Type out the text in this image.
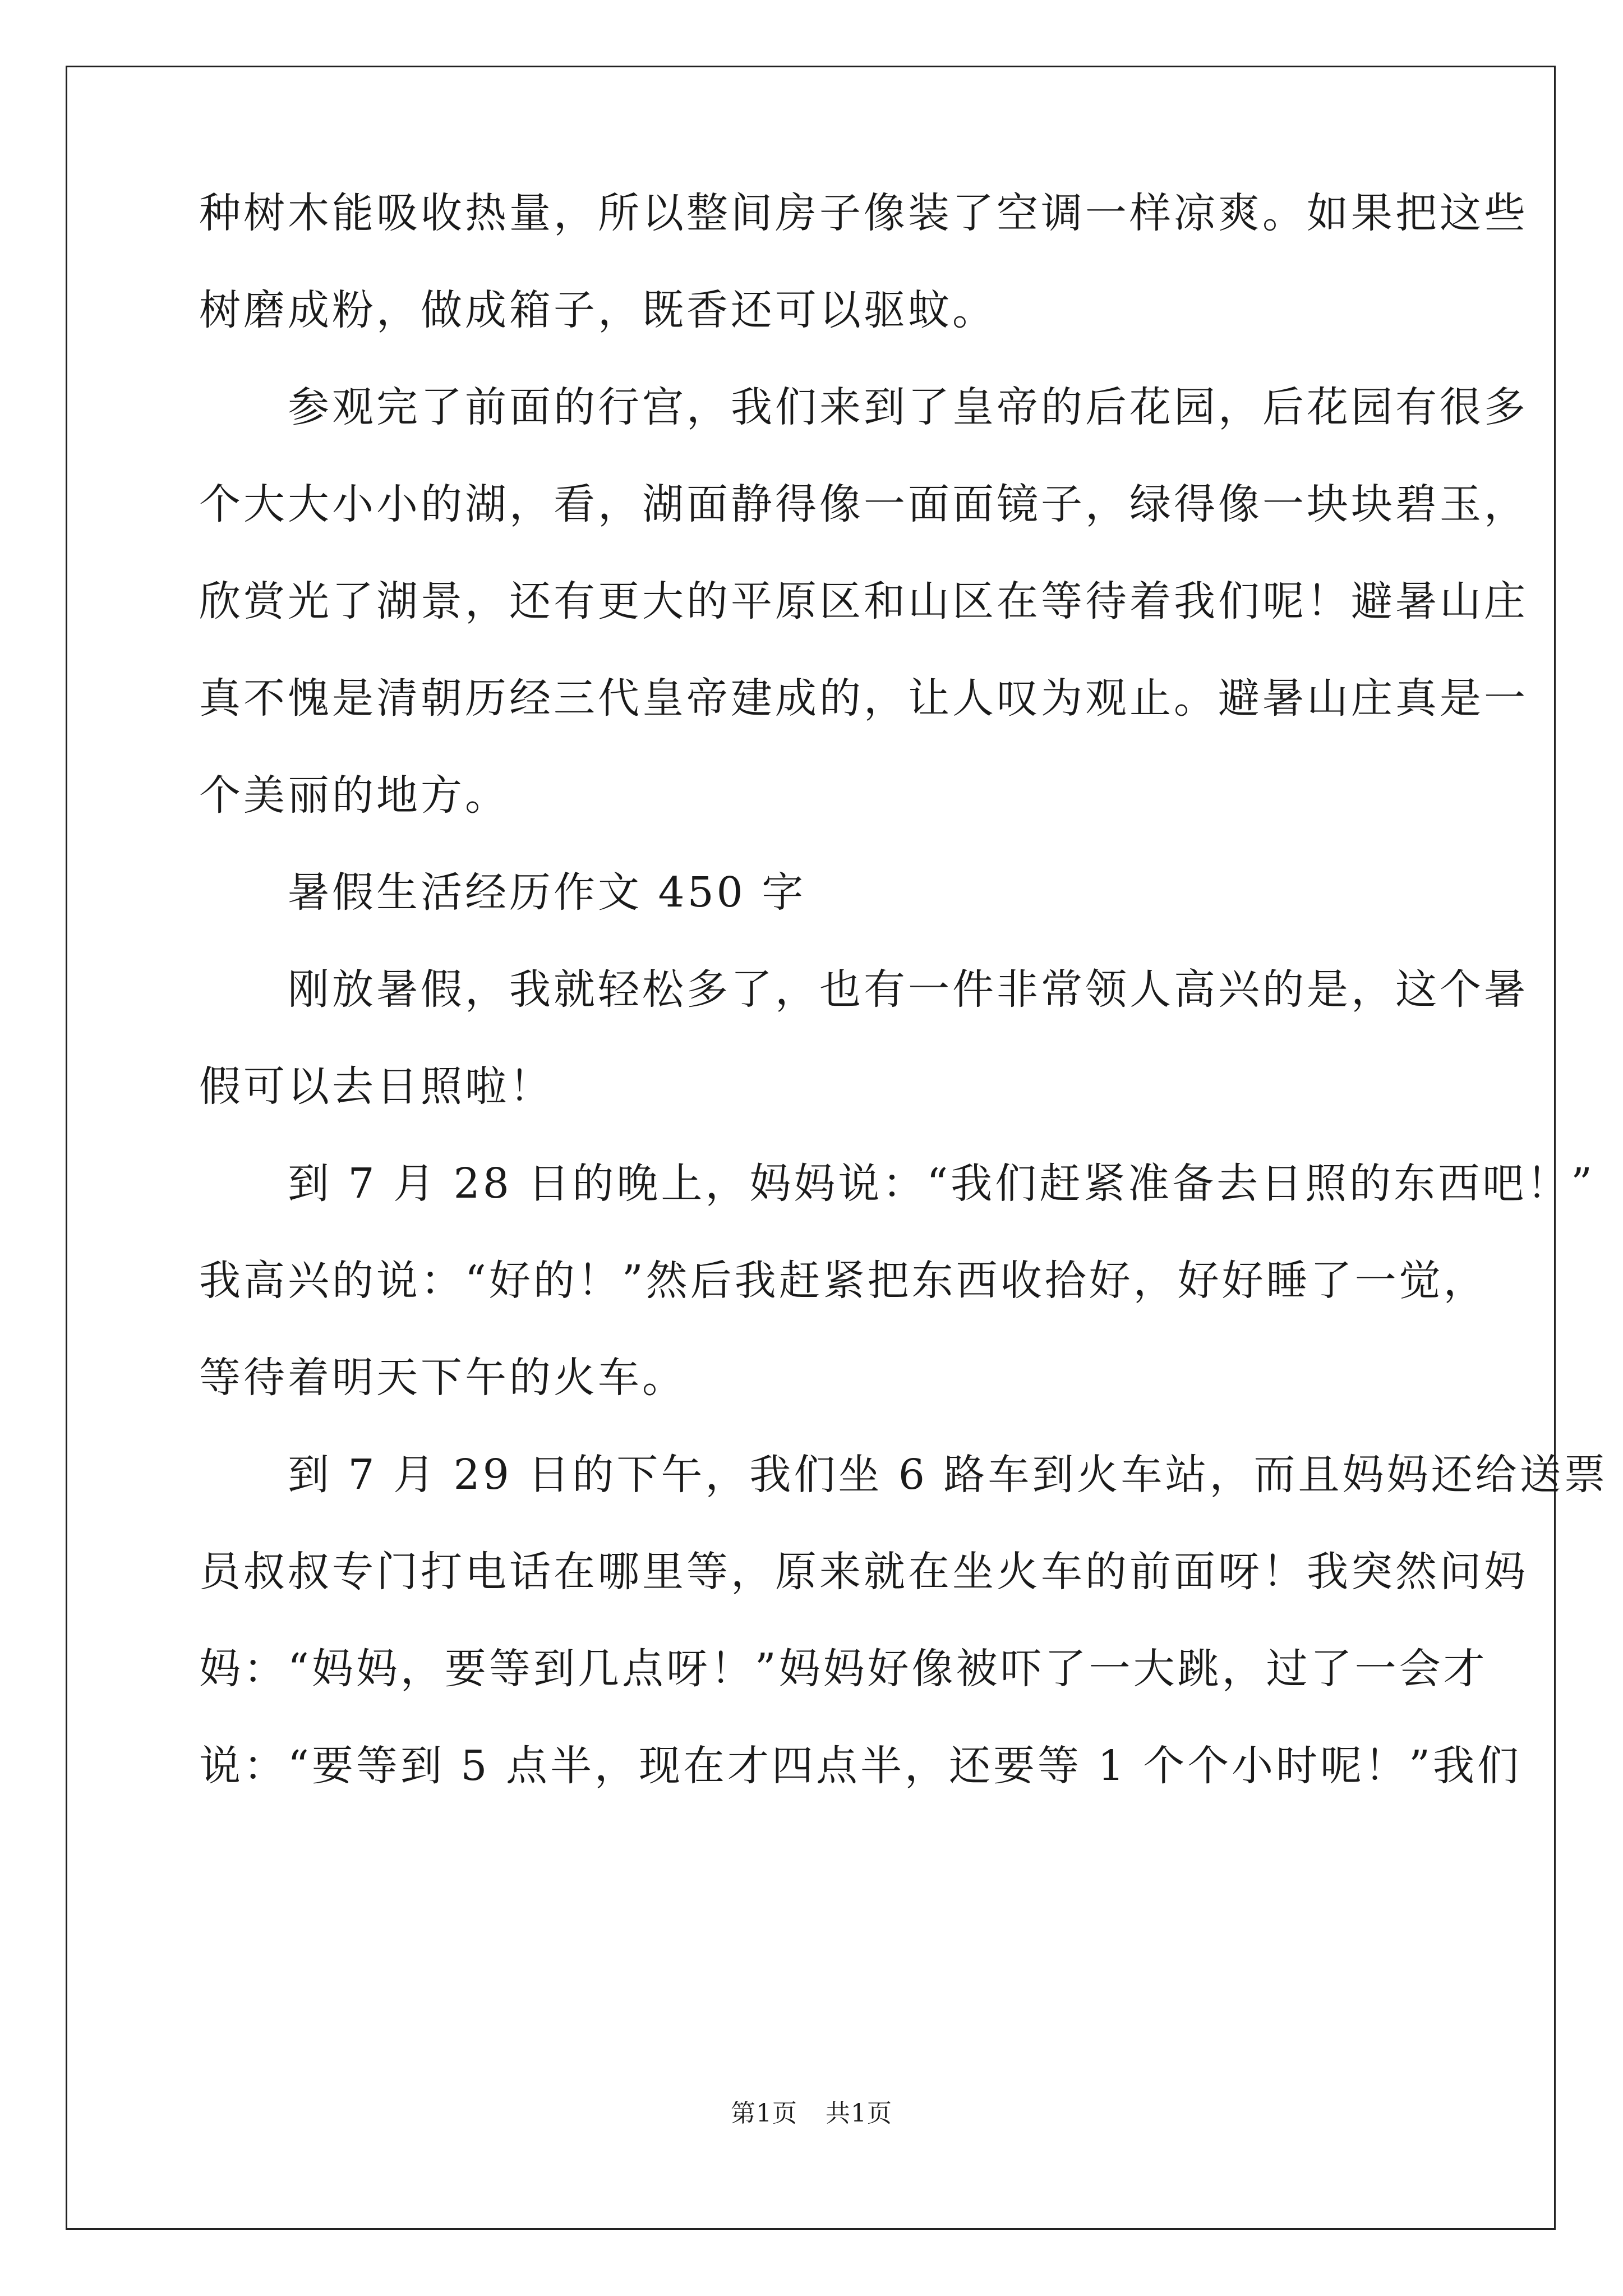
种树木能吸收热量，所以整间房子像装了空调一样凉爽。如果把这些
树磨成粉，做成箱子，既香还可以驱蚊。
　　参观完了前面的行宫，我们来到了皇帝的后花园，后花园有很多
个大大小小的湖，看，湖面静得像一面面镜子，绿得像一块块碧玉，
欣赏光了湖景，还有更大的平原区和山区在等待着我们呢！避暑山庄
真不愧是清朝历经三代皇帝建成的，让人叹为观止。避暑山庄真是一
个美丽的地方。
　　暑假生活经历作文 450 字
　　刚放暑假，我就轻松多了，也有一件非常领人高兴的是，这个暑
假可以去日照啦！
　　到 7 月 28 日的晚上，妈妈说：“我们赶紧准备去日照的东西吧！”
我高兴的说：“好的！”然后我赶紧把东西收拾好，好好睡了一觉，
等待着明天下午的火车。
　　到 7 月 29 日的下午，我们坐 6 路车到火车站，而且妈妈还给送票
员叔叔专门打电话在哪里等，原来就在坐火车的前面呀！我突然问妈
妈：“妈妈，要等到几点呀！”妈妈好像被吓了一大跳，过了一会才
说：“要等到 5 点半，现在才四点半，还要等 1 个个小时呢！”我们
第1页 共1页
